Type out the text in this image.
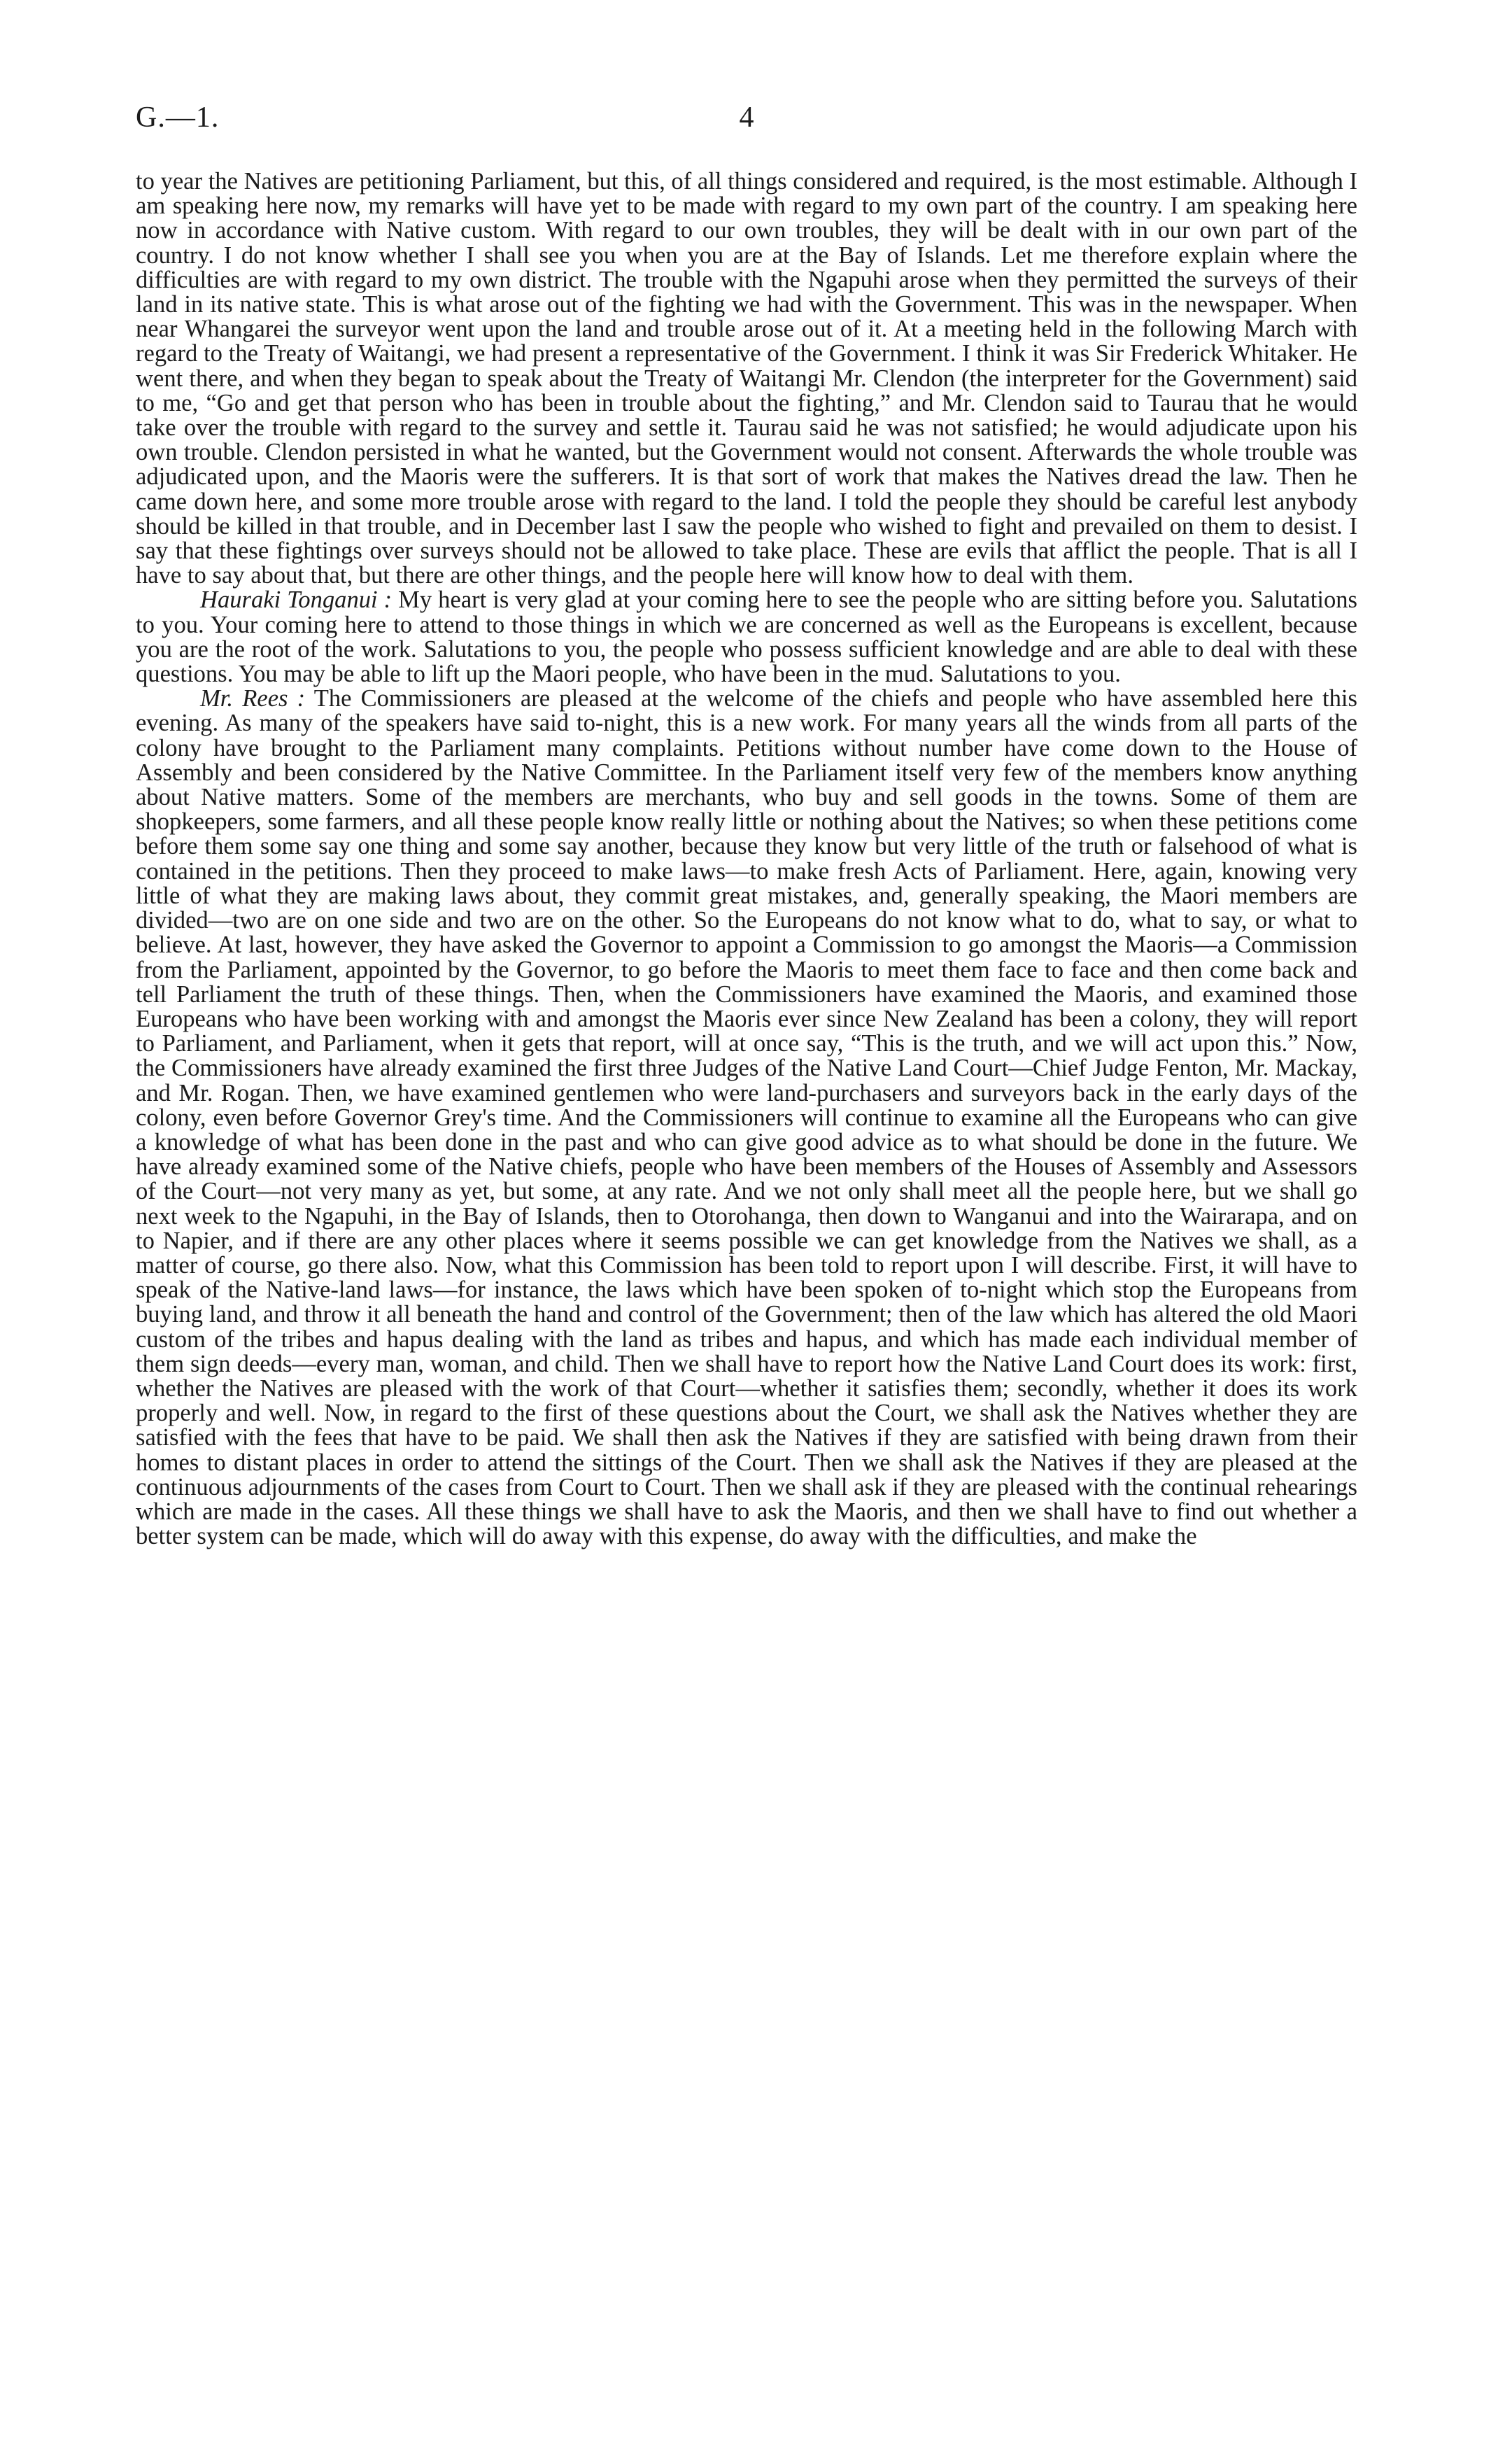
G.—1.	4

to year the Natives are petitioning Parliament, but this, of all things considered and required, is the most estimable. Although I am speaking here now, my remarks will have yet to be made with regard to my own part of the country. I am speaking here now in accordance with Native custom. With regard to our own troubles, they will be dealt with in our own part of the country. I do not know whether I shall see you when you are at the Bay of Islands. Let me therefore explain where the difficulties are with regard to my own district. The trouble with the Ngapuhi arose when they permitted the surveys of their land in its native state. This is what arose out of the fighting we had with the Government. This was in the newspaper. When near Whangarei the surveyor went upon the land and trouble arose out of it. At a meeting held in the following March with regard to the Treaty of Waitangi, we had present a representative of the Government. I think it was Sir Frederick Whitaker. He went there, and when they began to speak about the Treaty of Waitangi Mr. Clendon (the interpreter for the Government) said to me, “Go and get that person who has been in trouble about the fighting,” and Mr. Clendon said to Taurau that he would take over the trouble with regard to the survey and settle it. Taurau said he was not satisfied; he would adjudicate upon his own trouble. Clendon persisted in what he wanted, but the Government would not consent. Afterwards the whole trouble was adjudicated upon, and the Maoris were the sufferers. It is that sort of work that makes the Natives dread the law. Then he came down here, and some more trouble arose with regard to the land. I told the people they should be careful lest anybody should be killed in that trouble, and in December last I saw the people who wished to fight and prevailed on them to desist. I say that these fightings over surveys should not be allowed to take place. These are evils that afflict the people. That is all I have to say about that, but there are other things, and the people here will know how to deal with them.

Hauraki Tonganui : My heart is very glad at your coming here to see the people who are sitting before you. Salutations to you. Your coming here to attend to those things in which we are concerned as well as the Europeans is excellent, because you are the root of the work. Salutations to you, the people who possess sufficient knowledge and are able to deal with these questions. You may be able to lift up the Maori people, who have been in the mud. Salutations to you.

Mr. Rees : The Commissioners are pleased at the welcome of the chiefs and people who have assembled here this evening. As many of the speakers have said to-night, this is a new work. For many years all the winds from all parts of the colony have brought to the Parliament many complaints. Petitions without number have come down to the House of Assembly and been considered by the Native Committee. In the Parliament itself very few of the members know anything about Native matters. Some of the members are merchants, who buy and sell goods in the towns. Some of them are shopkeepers, some farmers, and all these people know really little or nothing about the Natives; so when these petitions come before them some say one thing and some say another, because they know but very little of the truth or falsehood of what is contained in the petitions. Then they proceed to make laws—to make fresh Acts of Parliament. Here, again, knowing very little of what they are making laws about, they commit great mistakes, and, generally speaking, the Maori members are divided—two are on one side and two are on the other. So the Europeans do not know what to do, what to say, or what to believe. At last, however, they have asked the Governor to appoint a Commission to go amongst the Maoris—a Commission from the Parliament, appointed by the Governor, to go before the Maoris to meet them face to face and then come back and tell Parliament the truth of these things. Then, when the Commissioners have examined the Maoris, and examined those Europeans who have been working with and amongst the Maoris ever since New Zealand has been a colony, they will report to Parliament, and Parliament, when it gets that report, will at once say, “This is the truth, and we will act upon this.” Now, the Commissioners have already examined the first three Judges of the Native Land Court—Chief Judge Fenton, Mr. Mackay, and Mr. Rogan. Then, we have examined gentlemen who were land-purchasers and surveyors back in the early days of the colony, even before Governor Grey's time. And the Commissioners will continue to examine all the Europeans who can give a knowledge of what has been done in the past and who can give good advice as to what should be done in the future. We have already examined some of the Native chiefs, people who have been members of the Houses of Assembly and Assessors of the Court—not very many as yet, but some, at any rate. And we not only shall meet all the people here, but we shall go next week to the Ngapuhi, in the Bay of Islands, then to Otorohanga, then down to Wanganui and into the Wairarapa, and on to Napier, and if there are any other places where it seems possible we can get knowledge from the Natives we shall, as a matter of course, go there also. Now, what this Commission has been told to report upon I will describe. First, it will have to speak of the Native-land laws—for instance, the laws which have been spoken of to-night which stop the Europeans from buying land, and throw it all beneath the hand and control of the Government; then of the law which has altered the old Maori custom of the tribes and hapus dealing with the land as tribes and hapus, and which has made each individual member of them sign deeds—every man, woman, and child. Then we shall have to report how the Native Land Court does its work: first, whether the Natives are pleased with the work of that Court—whether it satisfies them; secondly, whether it does its work properly and well. Now, in regard to the first of these questions about the Court, we shall ask the Natives whether they are satisfied with the fees that have to be paid. We shall then ask the Natives if they are satisfied with being drawn from their homes to distant places in order to attend the sittings of the Court. Then we shall ask the Natives if they are pleased at the continuous adjournments of the cases from Court to Court. Then we shall ask if they are pleased with the continual rehearings which are made in the cases. All these things we shall have to ask the Maoris, and then we shall have to find out whether a better system can be made, which will do away with this expense, do away with the difficulties, and make the
